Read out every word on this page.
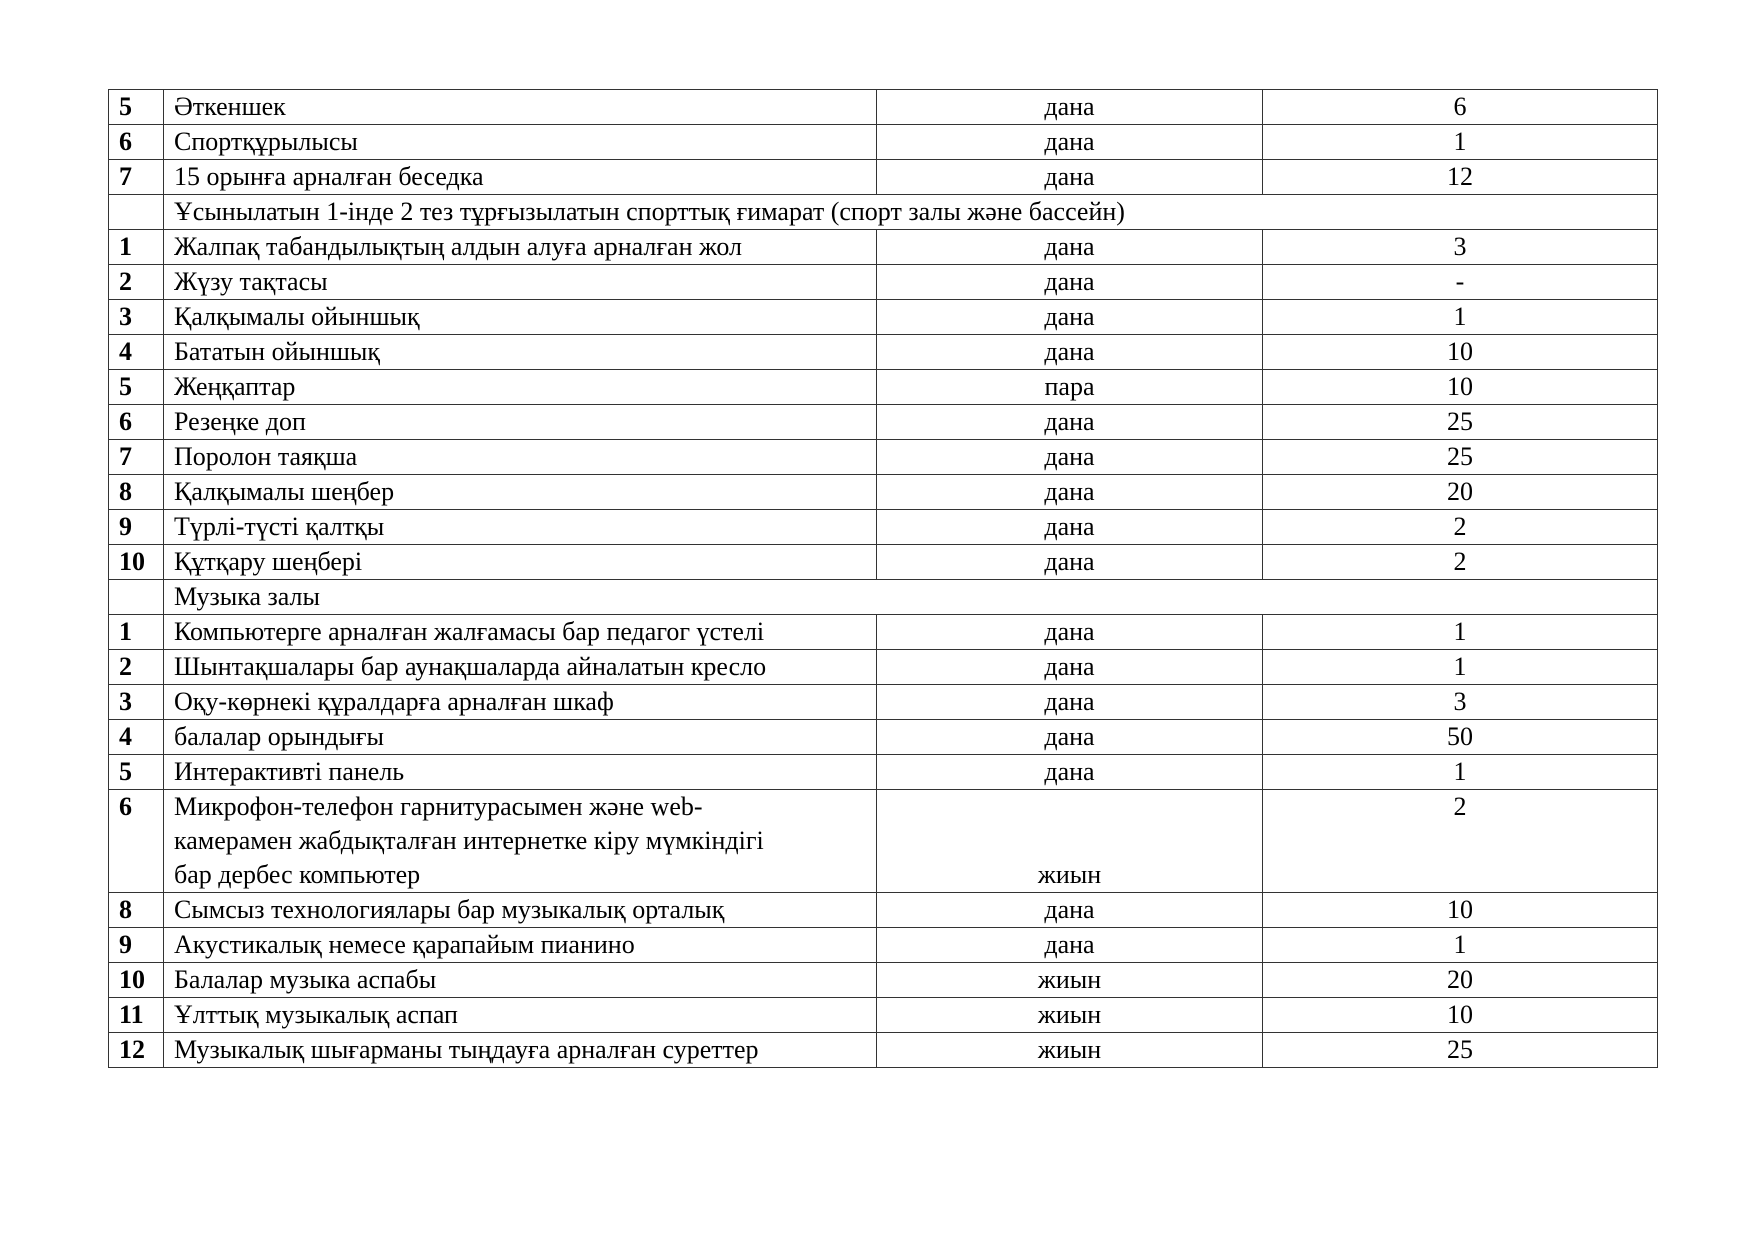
5	Әткеншек	дана	6
6	Спортқұрылысы	дана	1
7	15 орынға арналған беседка	дана	12
	Ұсынылатын 1-інде 2 тез тұрғызылатын спорттық ғимарат (спорт залы және бассейн)		
1	Жалпақ табандылықтың алдын алуға арналған жол	дана	3
2	Жүзу тақтасы	дана	-
3	Қалқымалы ойыншық	дана	1
4	Бататын ойыншық	дана	10
5	Жеңқаптар	пара	10
6	Резеңке доп	дана	25
7	Поролон таяқша	дана	25
8	Қалқымалы шеңбер	дана	20
9	Түрлі-түсті қалтқы	дана	2
10	Құтқару шеңбері	дана	2
	Музыка залы		
1	Компьютерге арналған жалғамасы бар педагог үстелі	дана	1
2	Шынтақшалары бар аунақшаларда айналатын кресло	дана	1
3	Оқу-көрнекі құралдарға арналған шкаф	дана	3
4	балалар орындығы	дана	50
5	Интерактивті панель	дана	1
6	Микрофон-телефон гарнитурасымен және web-
камерамен жабдықталған интернетке кіру мүмкіндігі
бар дербес компьютер	жиын	2
8	Сымсыз технологиялары бар музыкалық орталық	дана	10
9	Акустикалық немесе қарапайым пианино	дана	1
10	Балалар музыка аспабы	жиын	20
11	Ұлттық музыкалық аспап	жиын	10
12	Музыкалық шығарманы тыңдауға арналған суреттер	жиын	25
